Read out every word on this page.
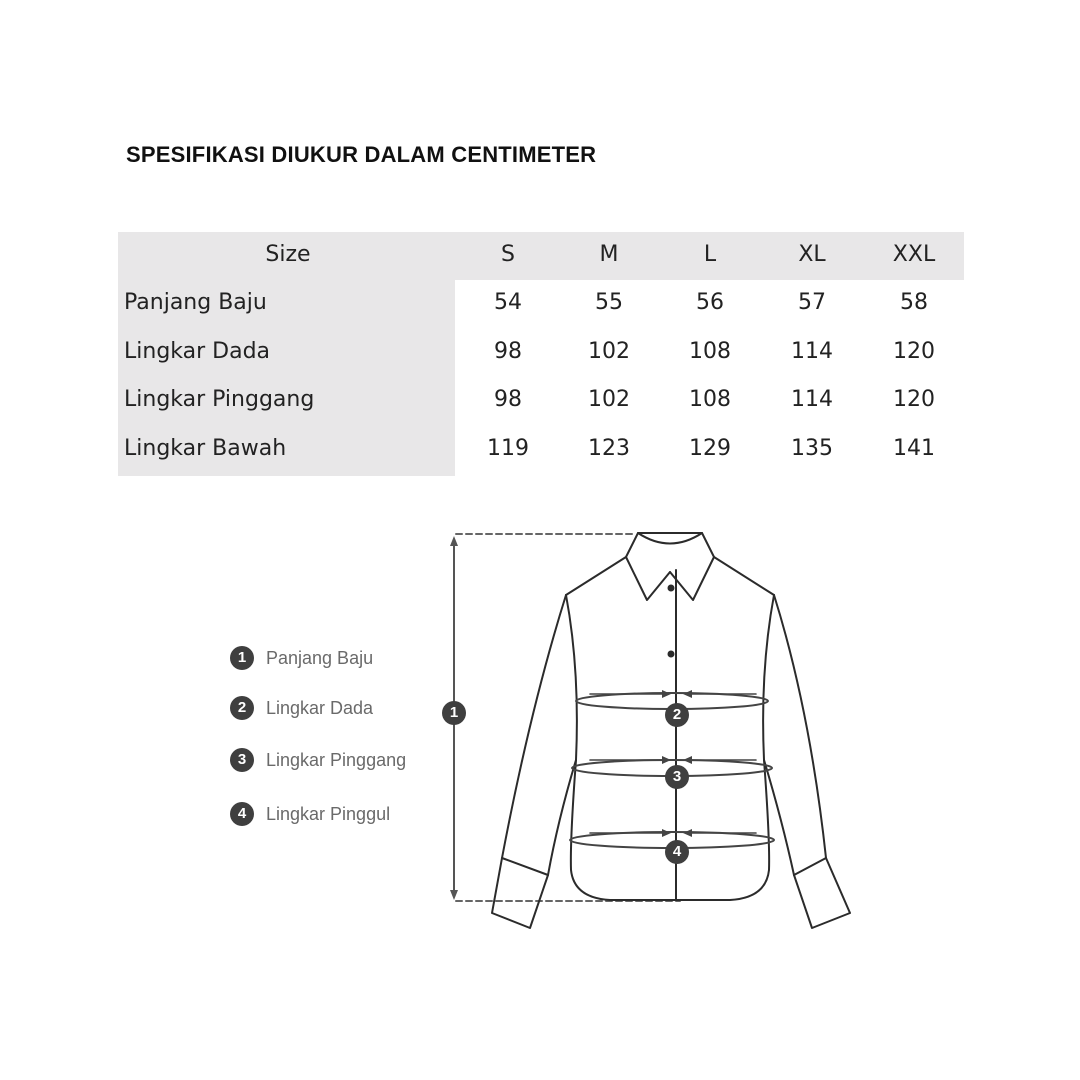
SPESIFIKASI DIUKUR DALAM CENTIMETER
Size	S	M	L	XL	XXL
Panjang Baju	54	55	56	57	58
Lingkar Dada	98	102	108	114	120
Lingkar Pinggang	98	102	108	114	120
Lingkar Bawah	119	123	129	135	141
1 Panjang Baju
2 Lingkar Dada
3 Lingkar Pinggang
4 Lingkar Pinggul
1	2
3
4
